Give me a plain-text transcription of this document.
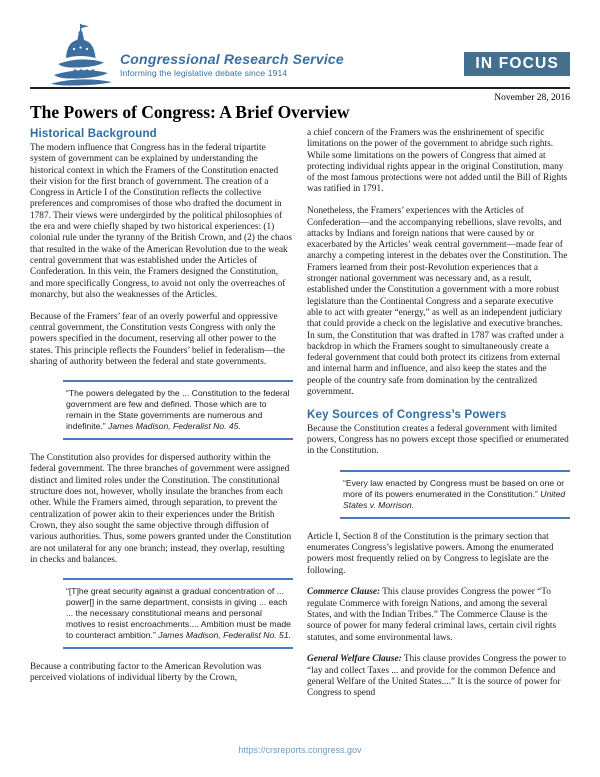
Congressional Research Service
Informing the legislative debate since 1914
IN FOCUS
November 28, 2016
The Powers of Congress: A Brief Overview
Historical Background

The modern influence that Congress has in the federal tripartite system of government can be explained by understanding the historical context in which the Framers of the Constitution enacted their vision for the first branch of government. The creation of a Congress in Article I of the Constitution reflects the collective preferences and compromises of those who drafted the document in 1787. Their views were undergirded by the political philosophies of the era and were chiefly shaped by two historical experiences: (1) colonial rule under the tyranny of the British Crown, and (2) the chaos that resulted in the wake of the American Revolution due to the weak central government that was established under the Articles of Confederation. In this vein, the Framers designed the Constitution, and more specifically Congress, to avoid not only the overreaches of monarchy, but also the weaknesses of the Articles.

Because of the Framers’ fear of an overly powerful and oppressive central government, the Constitution vests Congress with only the powers specified in the document, reserving all other power to the states. This principle reflects the Founders’ belief in federalism—the sharing of authority between the federal and state governments.

“The powers delegated by the ... Constitution to the federal government are few and defined. Those which are to remain in the State governments are numerous and indefinite.” James Madison, Federalist No. 45.

The Constitution also provides for dispersed authority within the federal government. The three branches of government were assigned distinct and limited roles under the Constitution. The constitutional structure does not, however, wholly insulate the branches from each other. While the Framers aimed, through separation, to prevent the centralization of power akin to their experiences under the British Crown, they also sought the same objective through diffusion of various authorities. Thus, some powers granted under the Constitution are not unilateral for any one branch; instead, they overlap, resulting in checks and balances.

“[T]he great security against a gradual concentration of ... power[] in the same department, consists in giving ... each ... the necessary constitutional means and personal motives to resist encroachments.... Ambition must be made to counteract ambition.” James Madison, Federalist No. 51.

Because a contributing factor to the American Revolution was perceived violations of individual liberty by the Crown,

a chief concern of the Framers was the enshrinement of specific limitations on the power of the government to abridge such rights. While some limitations on the powers of Congress that aimed at protecting individual rights appear in the original Constitution, many of the most famous protections were not added until the Bill of Rights was ratified in 1791.

Nonetheless, the Framers’ experiences with the Articles of Confederation—and the accompanying rebellions, slave revolts, and attacks by Indians and foreign nations that were caused by or exacerbated by the Articles’ weak central government—made fear of anarchy a competing interest in the debates over the Constitution. The Framers learned from their post-Revolution experiences that a stronger national government was necessary and, as a result, established under the Constitution a government with a more robust legislature than the Continental Congress and a separate executive able to act with greater “energy,” as well as an independent judiciary that could provide a check on the legislative and executive branches. In sum, the Constitution that was drafted in 1787 was crafted under a backdrop in which the Framers sought to simultaneously create a federal government that could both protect its citizens from external and internal harm and influence, and also keep the states and the people of the country safe from domination by the centralized government.

Key Sources of Congress’s Powers

Because the Constitution creates a federal government with limited powers, Congress has no powers except those specified or enumerated in the Constitution.

“Every law enacted by Congress must be based on one or more of its powers enumerated in the Constitution.” United States v. Morrison.

Article I, Section 8 of the Constitution is the primary section that enumerates Congress’s legislative powers. Among the enumerated powers most frequently relied on by Congress to legislate are the following.

Commerce Clause: This clause provides Congress the power “To regulate Commerce with foreign Nations, and among the several States, and with the Indian Tribes.” The Commerce Clause is the source of power for many federal criminal laws, certain civil rights statutes, and some environmental laws.

General Welfare Clause: This clause provides Congress the power to “lay and collect Taxes ... and provide for the common Defence and general Welfare of the United States....” It is the source of power for Congress to spend

https://crsreports.congress.gov
